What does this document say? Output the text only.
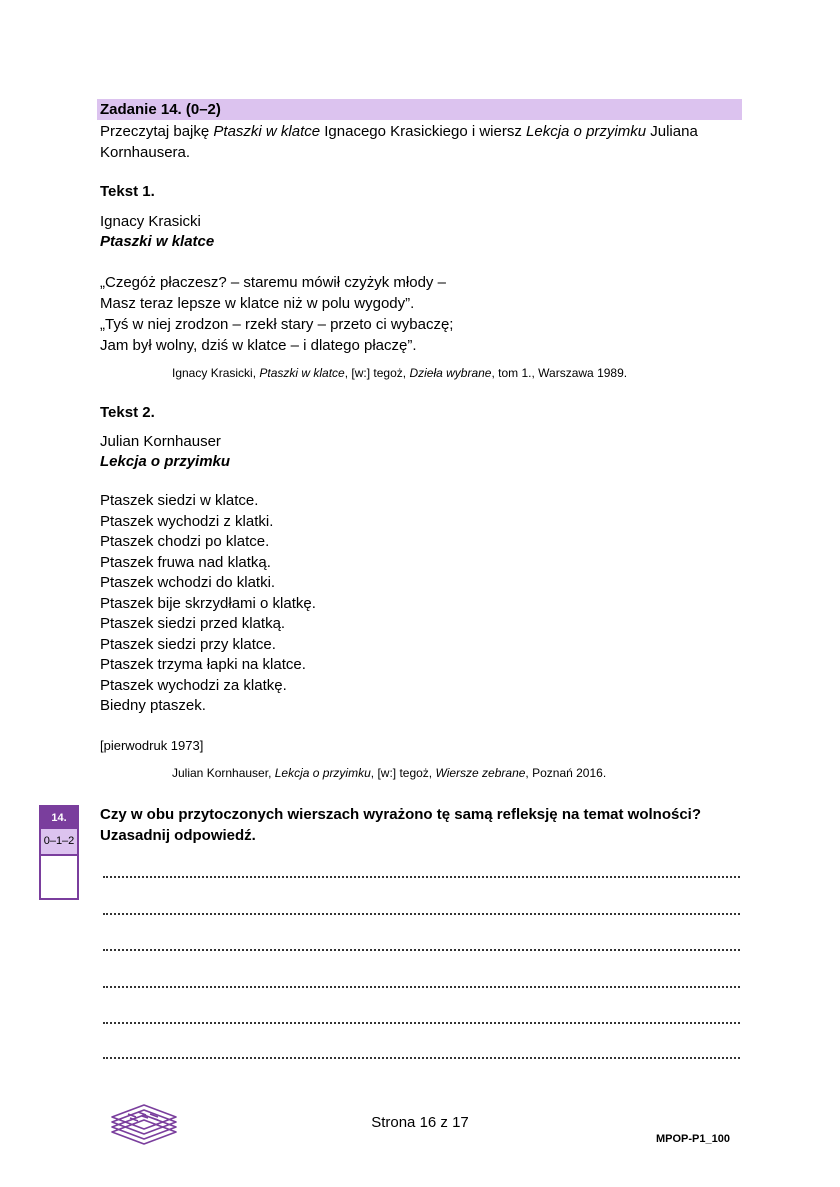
Zadanie 14. (0–2)
Przeczytaj bajkę Ptaszki w klatce Ignacego Krasickiego i wiersz Lekcja o przyimku Juliana
Kornhausera.
Tekst 1.
Ignacy Krasicki
Ptaszki w klatce
„Czegóż płaczesz? – staremu mówił czyżyk młody –
Masz teraz lepsze w klatce niż w polu wygody”.
„Tyś w niej zrodzon – rzekł stary – przeto ci wybaczę;
Jam był wolny, dziś w klatce – i dlatego płaczę”.
Ignacy Krasicki, Ptaszki w klatce, [w:] tegoż, Dzieła wybrane, tom 1., Warszawa 1989.
Tekst 2.
Julian Kornhauser
Lekcja o przyimku
Ptaszek siedzi w klatce.
Ptaszek wychodzi z klatki.
Ptaszek chodzi po klatce.
Ptaszek fruwa nad klatką.
Ptaszek wchodzi do klatki.
Ptaszek bije skrzydłami o klatkę.
Ptaszek siedzi przed klatką.
Ptaszek siedzi przy klatce.
Ptaszek trzyma łapki na klatce.
Ptaszek wychodzi za klatkę.
Biedny ptaszek.
[pierwodruk 1973]
Julian Kornhauser, Lekcja o przyimku, [w:] tegoż, Wiersze zebrane, Poznań 2016.
14.
0–1–2
Czy w obu przytoczonych wierszach wyrażono tę samą refleksję na temat wolności?
Uzasadnij odpowiedź.
Strona 16 z 17
MPOP-P1_100
